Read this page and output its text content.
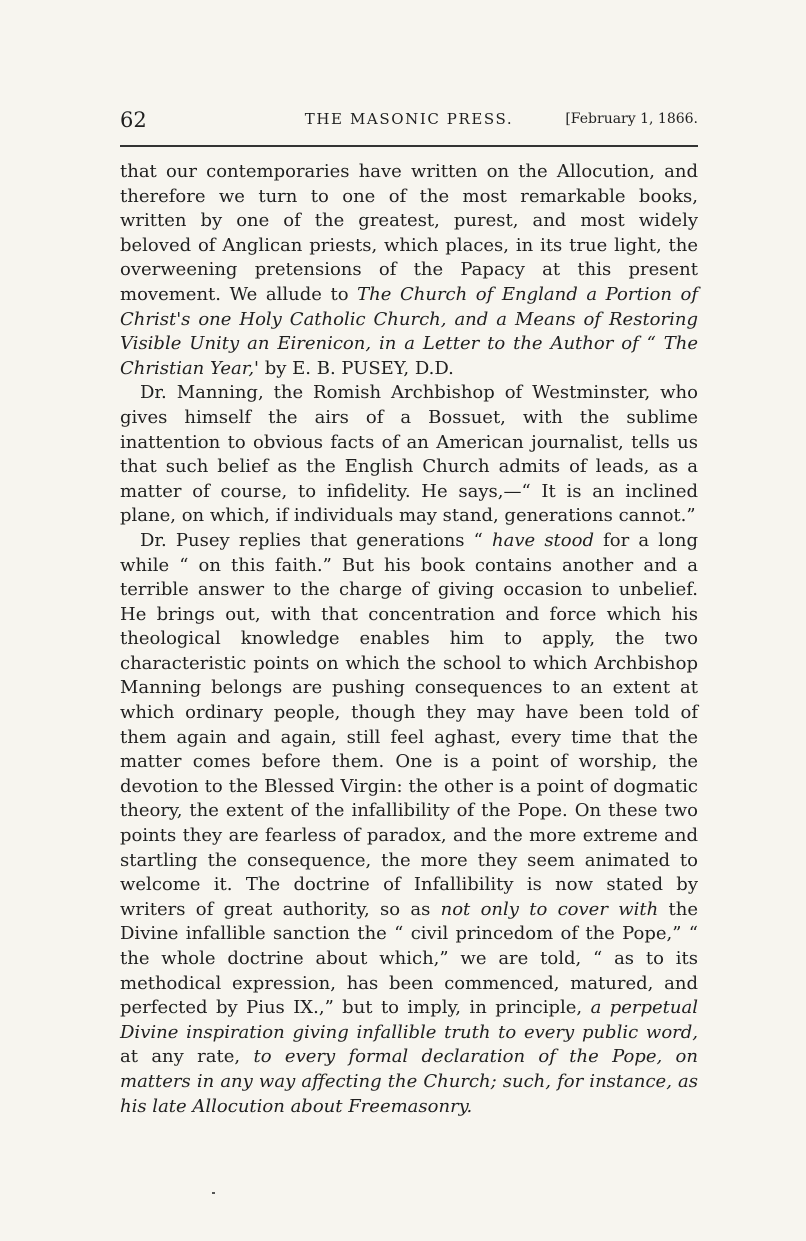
62	THE MASONIC PRESS.	[February 1, 1866.

that our contemporaries have written on the Allocution, and therefore we turn to one of the most remarkable books, written by one of the greatest, purest, and most widely beloved of Anglican priests, which places, in its true light, the overweening pretensions of the Papacy at this present movement. We allude to The Church of England a Portion of Christ's one Holy Catholic Church, and a Means of Restoring Visible Unity an Eirenicon, in a Letter to the Author of “ The Christian Year,' by E. B. PUSEY, D.D.

Dr. Manning, the Romish Archbishop of Westminster, who gives himself the airs of a Bossuet, with the sublime inattention to obvious facts of an American journalist, tells us that such belief as the English Church admits of leads, as a matter of course, to infidelity. He says,—“ It is an inclined plane, on which, if individuals may stand, generations cannot.”

Dr. Pusey replies that generations “ have stood for a long while “ on this faith.” But his book contains another and a terrible answer to the charge of giving occasion to unbelief. He brings out, with that concentration and force which his theological knowledge enables him to apply, the two characteristic points on which the school to which Archbishop Manning belongs are pushing consequences to an extent at which ordinary people, though they may have been told of them again and again, still feel aghast, every time that the matter comes before them. One is a point of worship, the devotion to the Blessed Virgin: the other is a point of dogmatic theory, the extent of the infallibility of the Pope. On these two points they are fearless of paradox, and the more extreme and startling the consequence, the more they seem animated to welcome it. The doctrine of Infallibility is now stated by writers of great authority, so as not only to cover with the Divine infallible sanction the “ civil princedom of the Pope,” “ the whole doctrine about which,” we are told, “ as to its methodical expression, has been commenced, matured, and perfected by Pius IX.,” but to imply, in principle, a perpetual Divine inspiration giving infallible truth to every public word, at any rate, to every formal declaration of the Pope, on matters in any way affecting the Church; such, for instance, as his late Allocution about Freemasonry.
